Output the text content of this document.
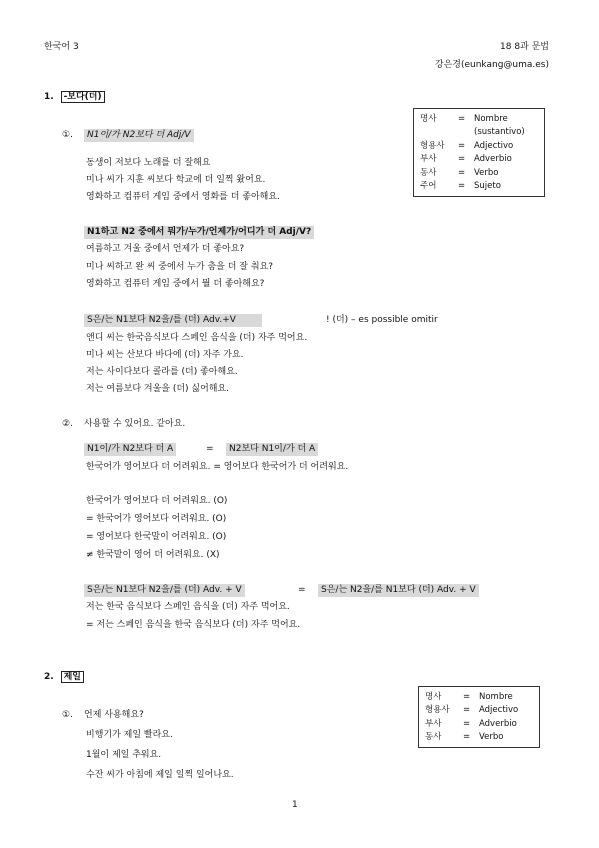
한국어 3	18 8과 문법
강은경(eunkang@uma.es)
1. -보다(더)
명사	=	Nombre
(sustantivo)
형용사	=	Adjectivo
부사	=	Adverbio
동사	=	Verbo
주어	=	Sujeto
①.	N1이/가 N2보다 더 Adj/V
동생이 저보다 노래를 더 잘해요
미나 씨가 지훈 씨보다 학교에 더 일찍 왔어요.
영화하고 컴퓨터 게임 중에서 영화를 더 좋아해요.
N1하고 N2 중에서 뭐가/누가/언제가/어디가 더 Adj/V?
여름하고 겨울 중에서 언제가 더 좋아요?
미나 씨하고 완 씨 중에서 누가 춤을 더 잘 춰요?
영화하고 컴퓨터 게임 중에서 뭘 더 좋아해요?
S은/는 N1보다 N2을/를 (더) Adv.+V	! (더) – es possible omitir
앤디 씨는 한국음식보다 스페인 음식을 (더) 자주 먹어요.
미나 씨는 산보다 바다에 (더) 자주 가요.
저는 사이다보다 콜라를 (더) 좋아해요.
저는 여름보다 겨울을 (더) 싫어해요.
②. 사용할 수 있어요. 같아요.
N1이/가 N2보다 더 A	=	N2보다 N1이/가 더 A
한국어가 영어보다 더 어려워요. = 영어보다 한국어가 더 어려워요.
한국어가 영어보다 더 어려워요. (O)
= 한국어가 영어보다 어려워요. (O)
= 영어보다 한국말이 어려워요. (O)
≠ 한국말이 영어 더 어려워요. (X)
S은/는 N1보다 N2을/를 (더) Adv. + V	=	S은/는 N2을/를 N1보다 (더) Adv. + V
저는 한국 음식보다 스페인 음식을 (더) 자주 먹어요.
= 저는 스페인 음식을 한국 음식보다 (더) 자주 먹어요.
2. 제일
명사	=	Nombre
형용사	=	Adjectivo
부사	=	Adverbio
동사	=	Verbo
①. 언제 사용해요?
비행기가 제일 빨라요.
1월이 제일 추워요.
수잔 씨가 아침에 제일 일찍 일어나요.
1
